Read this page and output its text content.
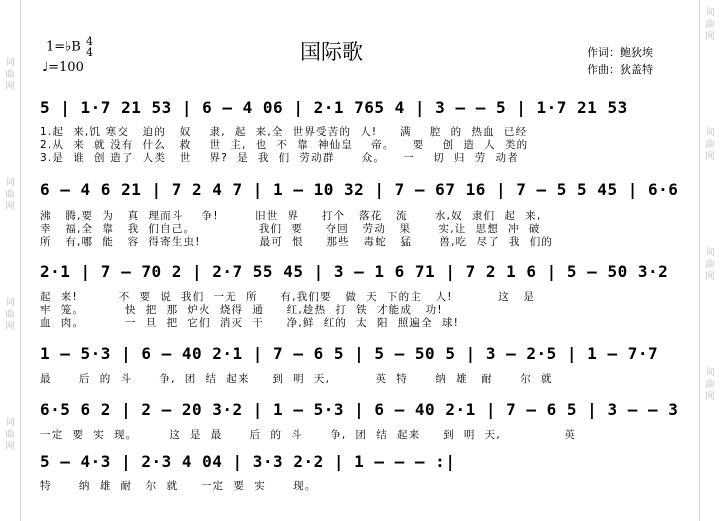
词
曲
网
词
曲
网
词
曲
网
词
曲
网
词
曲
网
词
曲
网
词
曲
网
词
曲
网
1=♭B 4
4
♩=100
国际歌	作词：鲍狄埃
作曲：狄盖特
5 | 1·7 21 53 | 6 — 4 06 | 2·1 765 4 | 3 — — 5 | 1·7 21 53
1.起  来,饥 寒交   迫的   奴    隶,  起  来,全  世界受苦的  人!     满    腔  的  热血  已经
2.从  来  就 没有  什么   救    世  主,  也  不  靠  神仙皇    帝。    要    创  造  人  类的
3.是  谁  创 造了  人类   世    界?  是  我  们  劳动群      众。    一    切  归  劳  动者
6 — 4 6 21 | 7 2 4 7 | 1 — 10 32 | 7 — 67 16 | 7 — 5 5 45 | 6·6
沸   腾,要  为   真  理而斗    争!        旧世  界     打个   落花   流      水,奴  隶们  起  来,
幸   福,全  靠   我  们自己。              我们  要     夺回   劳动   果      实,让  思想  冲  破
所   有,哪  能   容  得寄生虫!             最可  恨     那些   毒蛇   猛      兽,吃  尽了  我  们的
2·1 | 7 — 70 2 | 2·7 55 45 | 3 — 1 6 71 | 7 2 1 6 | 5 — 50 3·2
起  来!         不  要  说  我们  一无  所     有,我们要   做  天  下的主   人!          这   是
牢  笼。         快  把  那  炉火  烧得  通     红,趁热  打  铁  才能成   功!
血  肉。         一  旦  把  它们  消灭  干     净,鲜  红的  太  阳  照遍全  球!
1 — 5·3 | 6 — 40 2·1 | 7 — 6 5 | 5 — 50 5 | 3 — 2·5 | 1 — 7·7
最      后  的  斗      争,  团  结  起来     到  明  天,          英  特      纳  雄   耐      尔  就
6·5 6 2 | 2 — 20 3·2 | 1 — 5·3 | 6 — 40 2·1 | 7 — 6 5 | 3 — — 3
一定  要  实  现。       这  是  最      后  的  斗      争,  团  结  起来     到  明  天,              英
5 — 4·3 | 2·3 4 04 | 3·3 2·2 | 1 — — — :|
特      纳  雄  耐   尔  就     一定  要  实      现。
